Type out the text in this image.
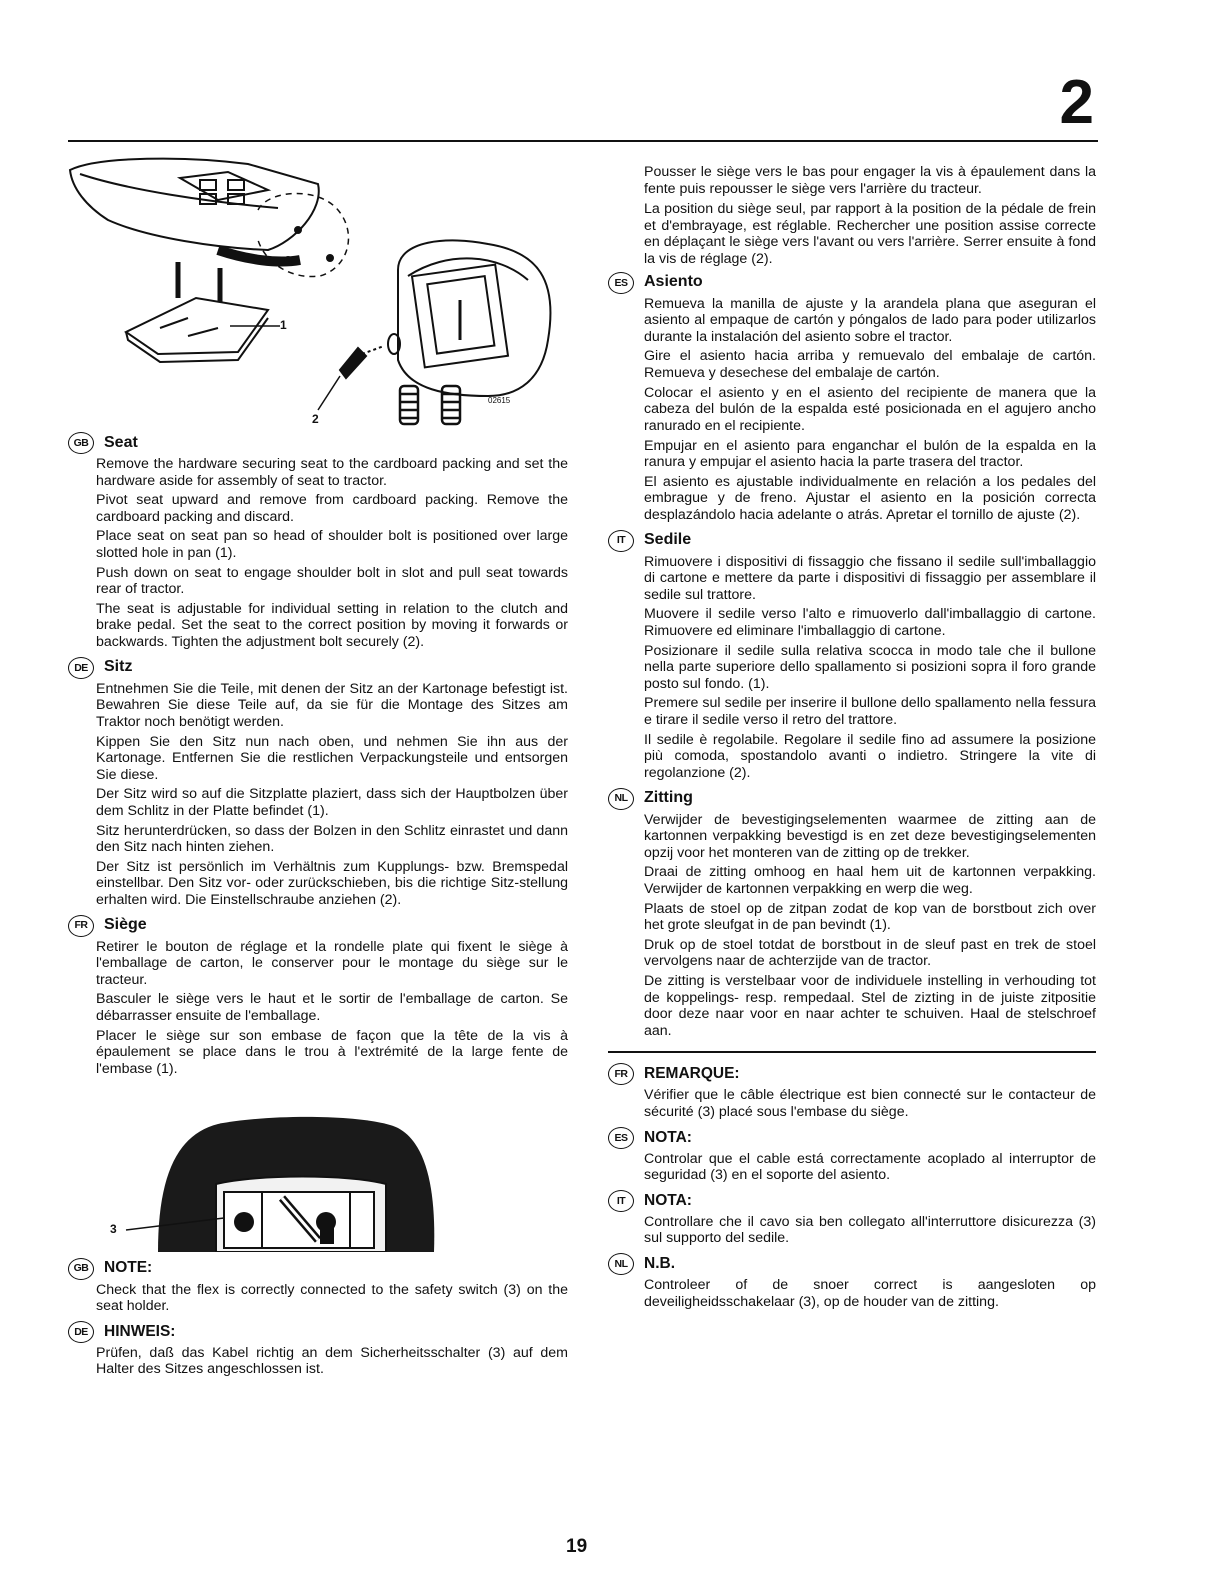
2
1
2
02615
GB Seat

Remove the hardware securing seat to the cardboard packing and set the hardware aside for assembly of seat to tractor.

Pivot seat upward and remove from cardboard packing. Remove the cardboard packing and discard.

Place seat on seat pan so head of shoulder bolt is positioned over large slotted hole in pan (1).

Push down on seat to engage shoulder bolt in slot and pull seat towards rear of tractor.

The seat is adjustable for individual setting in relation to the clutch and brake pedal. Set the seat to the correct position by moving it forwards or backwards. Tighten the adjustment bolt securely (2).

DE	Sitz

Entnehmen Sie die Teile, mit denen der Sitz an der Kartonage befestigt ist. Bewahren Sie diese Teile auf, da sie für die Montage des Sitzes am Traktor noch benötigt werden.

Kippen Sie den Sitz nun nach oben, und nehmen Sie ihn aus der Kartonage. Entfernen Sie die restlichen Verpackungsteile und entsorgen Sie diese.

Der Sitz wird so auf die Sitzplatte plaziert, dass sich der Hauptbolzen über dem Schlitz in der Platte befindet (1).

Sitz herunterdrücken, so dass der Bolzen in den Schlitz einrastet und dann den Sitz nach hinten ziehen.

Der Sitz ist persönlich im Verhältnis zum Kupplungs- bzw. Bremspedal einstellbar. Den Sitz vor- oder zurückschieben, bis die richtige Sitz-stellung erhalten wird. Die Einstellschraube anziehen (2).

FR	Siège

Retirer le bouton de réglage et la rondelle plate qui fixent le siège à l'emballage de carton, le conserver pour le montage du siège sur le tracteur.

Basculer le siège vers le haut et le sortir de l'emballage de carton. Se débarrasser ensuite de l'emballage.

Placer le siège sur son embase de façon que la tête de la vis à épaulement se place dans le trou à l'extrémité de la large fente de l'embase (1).

3
GB	NOTE:

Check that the flex is correctly connected to the safety switch (3) on the seat holder.

DE	HINWEIS:

Prüfen, daß das Kabel richtig an dem Sicherheitsschalter (3) auf dem Halter des Sitzes angeschlossen ist.

Pousser le siège vers le bas pour engager la vis à épaulement dans la fente puis repousser le siège vers l'arrière du tracteur.

La position du siège seul, par rapport à la position de la pédale de frein et d'embrayage, est réglable. Rechercher une position assise correcte en déplaçant le siège vers l'avant ou vers l'arrière. Serrer ensuite à fond la vis de réglage (2).

ES	Asiento

Remueva la manilla de ajuste y la arandela plana que aseguran el asiento al empaque de cartón y póngalos de lado para poder utilizarlos durante la instalación del asiento sobre el tractor.

Gire el asiento hacia arriba y remuevalo del embalaje de cartón. Remueva y desechese del embalaje de cartón.

Colocar el asiento y en el asiento del recipiente de manera que la cabeza del bulón de la espalda esté posicionada en el agujero ancho ranurado en el recipiente.

Empujar en el asiento para enganchar el bulón de la espalda en la ranura y empujar el asiento hacia la parte trasera del tractor.

El asiento es ajustable individualmente en relación a los pedales del embrague y de freno. Ajustar el asiento en la posición correcta desplazándolo hacia adelante o atrás. Apretar el tornillo de ajuste (2).

IT	Sedile

Rimuovere i dispositivi di fissaggio che fissano il sedile sull'imballaggio di cartone e mettere da parte i dispositivi di fissaggio per assemblare il sedile sul trattore.

Muovere il sedile verso l'alto e rimuoverlo dall'imballaggio di cartone. Rimuovere ed eliminare l'imballaggio di cartone.

Posizionare il sedile sulla relativa scocca in modo tale che il bullone nella parte superiore dello spallamento si posizioni sopra il foro grande posto sul fondo. (1).

Premere sul sedile per inserire il bullone dello spallamento nella fessura e tirare il sedile verso il retro del trattore.

Il sedile è regolabile. Regolare il sedile fino ad assumere la posizione più comoda, spostandolo avanti o indietro. Stringere la vite di regolanzione (2).

NL	Zitting

Verwijder de bevestigingselementen waarmee de zitting aan de kartonnen verpakking bevestigd is en zet deze bevestigingselementen opzij voor het monteren van de zitting op de trekker.

Draai de zitting omhoog en haal hem uit de kartonnen verpakking. Verwijder de kartonnen verpakking en werp die weg.

Plaats de stoel op de zitpan zodat de kop van de borstbout zich over het grote sleufgat in de pan bevindt (1).

Druk op de stoel totdat de borstbout in de sleuf past en trek de stoel vervolgens naar de achterzijde van de tractor.

De zitting is verstelbaar voor de individuele instelling in verhouding tot de koppelings- resp. rempedaal. Stel de zizting in de juiste zitpositie door deze naar voor en naar achter te schuiven. Haal de stelschroef aan.

FR	REMARQUE:

Vérifier que le câble électrique est bien connecté sur le contacteur de sécurité (3) placé sous l'embase du siège.

ES	NOTA:

Controlar que el cable está correctamente acoplado al interruptor de seguridad (3) en el soporte del asiento.

IT	NOTA:

Controllare che il cavo sia ben collegato all'interruttore disicurezza (3) sul supporto del sedile.

NL	N.B.

Controleer of de snoer correct is aangesloten op deveiligheidsschakelaar (3), op de houder van de zitting.

19
